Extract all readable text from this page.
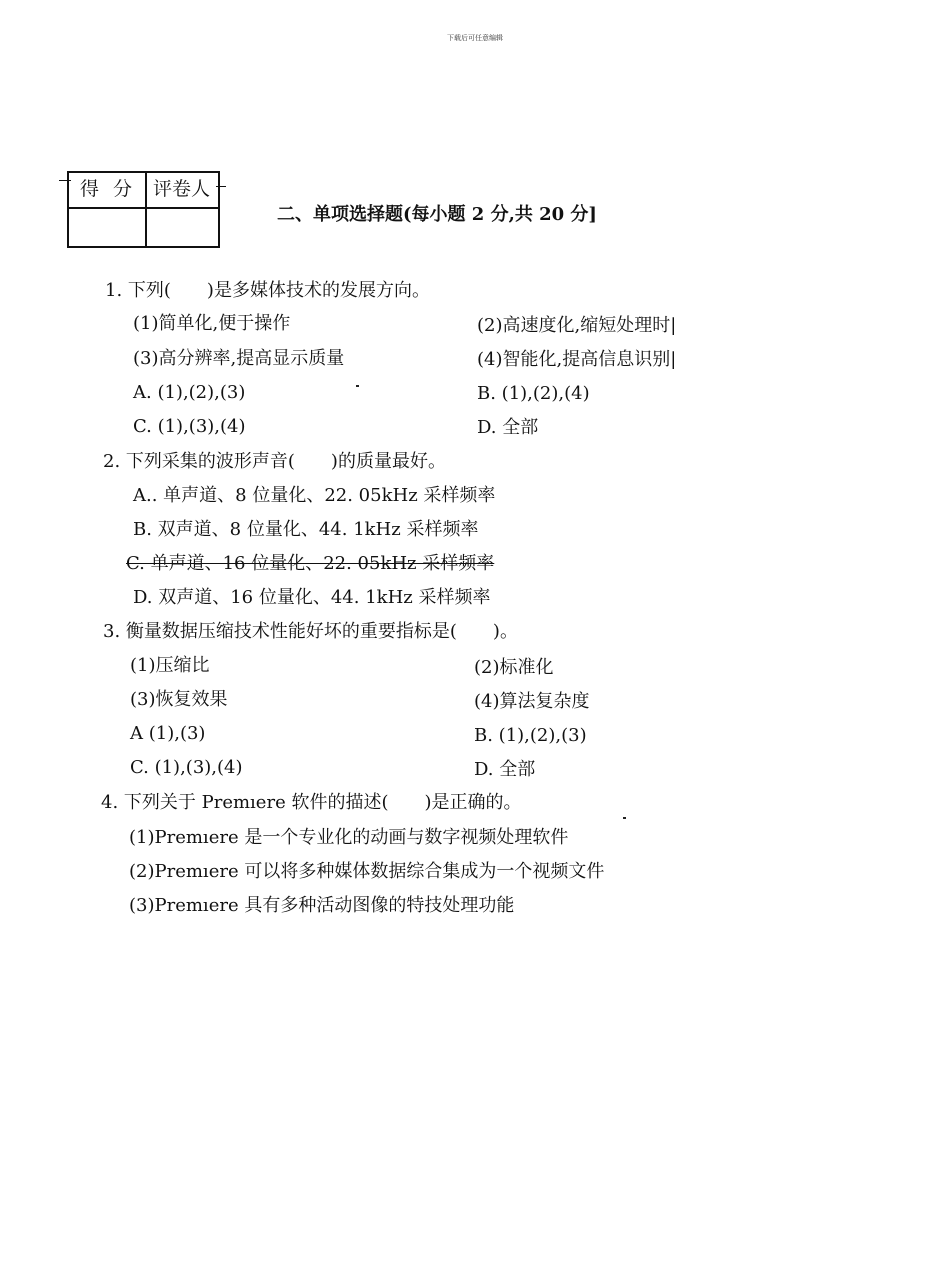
下载后可任意编辑
得 分 评卷人
二、单项选择题(每小题 2 分,共 20 分]
1. 下列(　　)是多媒体技术的发展方向。
(1)简单化,便于操作	(2)高速度化,缩短处理时|
(3)高分辨率,提高显示质量	(4)智能化,提高信息识别|
A. (1),(2),(3)	B. (1),(2),(4)
C. (1),(3),(4)	D. 全部
2. 下列采集的波形声音(　　)的质量最好。
A.. 单声道、8 位量化、22. 05kHz 采样频率
B. 双声道、8 位量化、44. 1kHz 采样频率
C. 单声道、16 位量化、22. 05kHz 采样频率
D. 双声道、16 位量化、44. 1kHz 采样频率
3. 衡量数据压缩技术性能好坏的重要指标是(　　)。
(1)压缩比	(2)标准化
(3)恢复效果	(4)算法复杂度
A (1),(3)	B. (1),(2),(3)
C. (1),(3),(4)	D. 全部
4. 下列关于 Premıere 软件的描述(　　)是正确的。
(1)Premıere 是一个专业化的动画与数字视频处理软件
(2)Premıere 可以将多种媒体数据综合集成为一个视频文件
(3)Premıere 具有多种活动图像的特技处理功能
